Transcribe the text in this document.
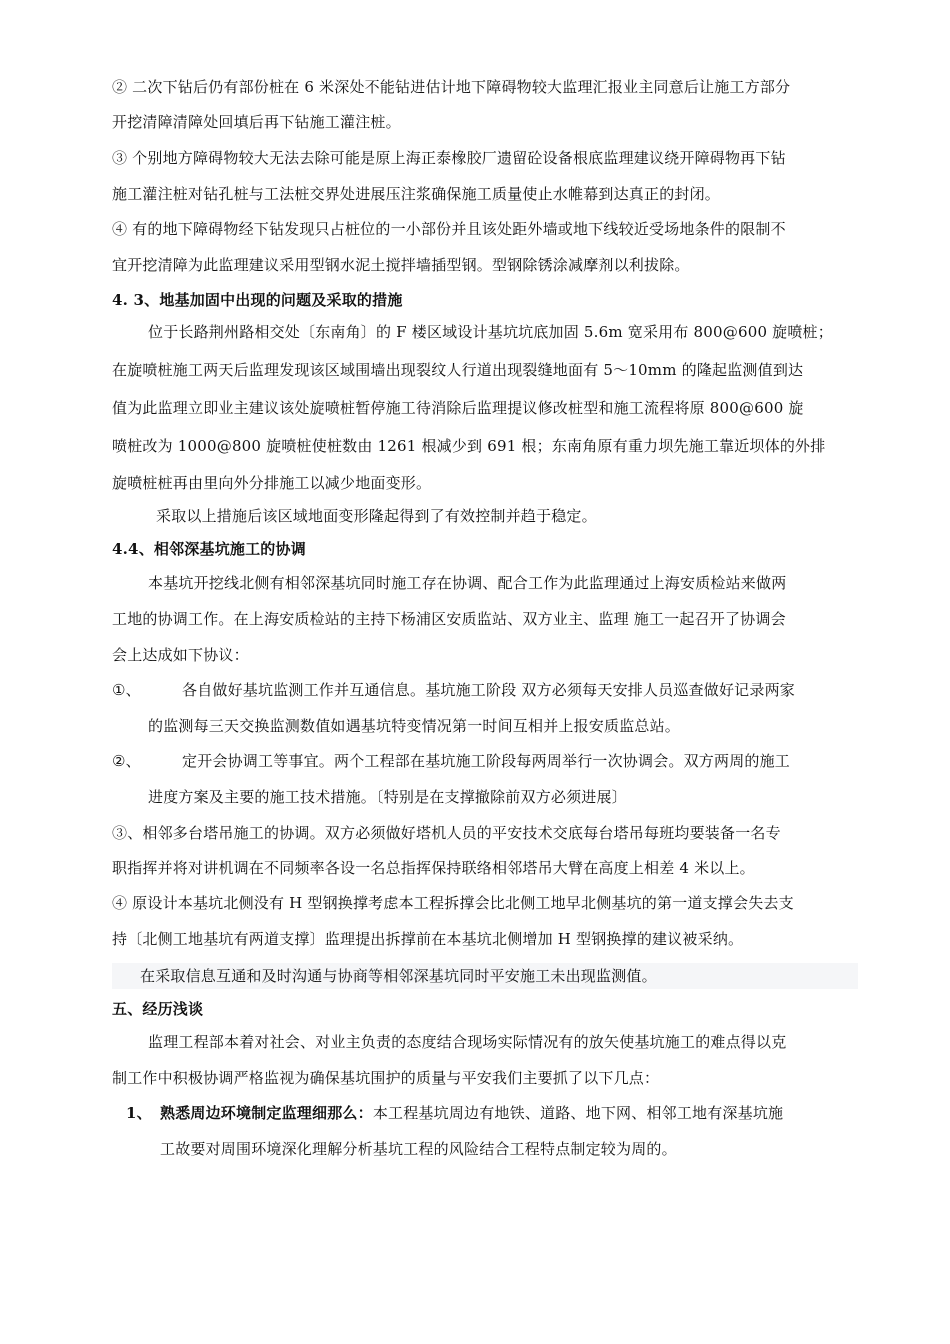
② 二次下钻后仍有部份桩在 6 米深处不能钻进估计地下障碍物较大监理汇报业主同意后让施工方部分
开挖清障清障处回填后再下钻施工灌注桩。
③ 个别地方障碍物较大无法去除可能是原上海正泰橡胶厂遗留砼设备根底监理建议绕开障碍物再下钻
施工灌注桩对钻孔桩与工法桩交界处进展压注浆确保施工质量使止水帷幕到达真正的封闭。
④ 有的地下障碍物经下钻发现只占桩位的一小部份并且该处距外墙或地下线较近受场地条件的限制不
宜开挖清障为此监理建议采用型钢水泥土搅拌墙插型钢。型钢除锈涂减摩剂以利拔除。
4. 3、地基加固中出现的问题及采取的措施
位于长路荆州路相交处〔东南角〕的 F 楼区域设计基坑坑底加固 5.6m 宽采用布 800@600 旋喷桩；
在旋喷桩施工两天后监理发现该区域围墙出现裂纹人行道出现裂缝地面有 5～10mm 的隆起监测值到达
值为此监理立即业主建议该处旋喷桩暂停施工待消除后监理提议修改桩型和施工流程将原 800@600 旋
喷桩改为 1000@800 旋喷桩使桩数由 1261 根减少到 691 根；东南角原有重力坝先施工靠近坝体的外排
旋喷桩桩再由里向外分排施工以减少地面变形。
采取以上措施后该区域地面变形隆起得到了有效控制并趋于稳定。
4.4、相邻深基坑施工的协调
本基坑开挖线北侧有相邻深基坑同时施工存在协调、配合工作为此监理通过上海安质检站来做两
工地的协调工作。在上海安质检站的主持下杨浦区安质监站、双方业主、监理 施工一起召开了协调会
会上达成如下协议：
①、	各自做好基坑监测工作并互通信息。基坑施工阶段 双方必须每天安排人员巡查做好记录两家
的监测每三天交换监测数值如遇基坑特变情况第一时间互相并上报安质监总站。
②、	定开会协调工等事宜。两个工程部在基坑施工阶段每两周举行一次协调会。双方两周的施工
进度方案及主要的施工技术措施。〔特别是在支撑撤除前双方必须进展〕
③、相邻多台塔吊施工的协调。双方必须做好塔机人员的平安技术交底每台塔吊每班均要装备一名专
职指挥并将对讲机调在不同频率各设一名总指挥保持联络相邻塔吊大臂在高度上相差 4 米以上。
④ 原设计本基坑北侧没有 H 型钢换撑考虑本工程拆撑会比北侧工地早北侧基坑的第一道支撑会失去支
持〔北侧工地基坑有两道支撑〕监理提出拆撑前在本基坑北侧增加 H 型钢换撑的建议被采纳。
在采取信息互通和及时沟通与协商等相邻深基坑同时平安施工未出现监测值。
五、经历浅谈
监理工程部本着对社会、对业主负责的态度结合现场实际情况有的放矢使基坑施工的难点得以克
制工作中积极协调严格监视为确保基坑围护的质量与平安我们主要抓了以下几点：
1、 熟悉周边环境制定监理细那么：本工程基坑周边有地铁、道路、地下网、相邻工地有深基坑施
工故要对周围环境深化理解分析基坑工程的风险结合工程特点制定较为周的。
